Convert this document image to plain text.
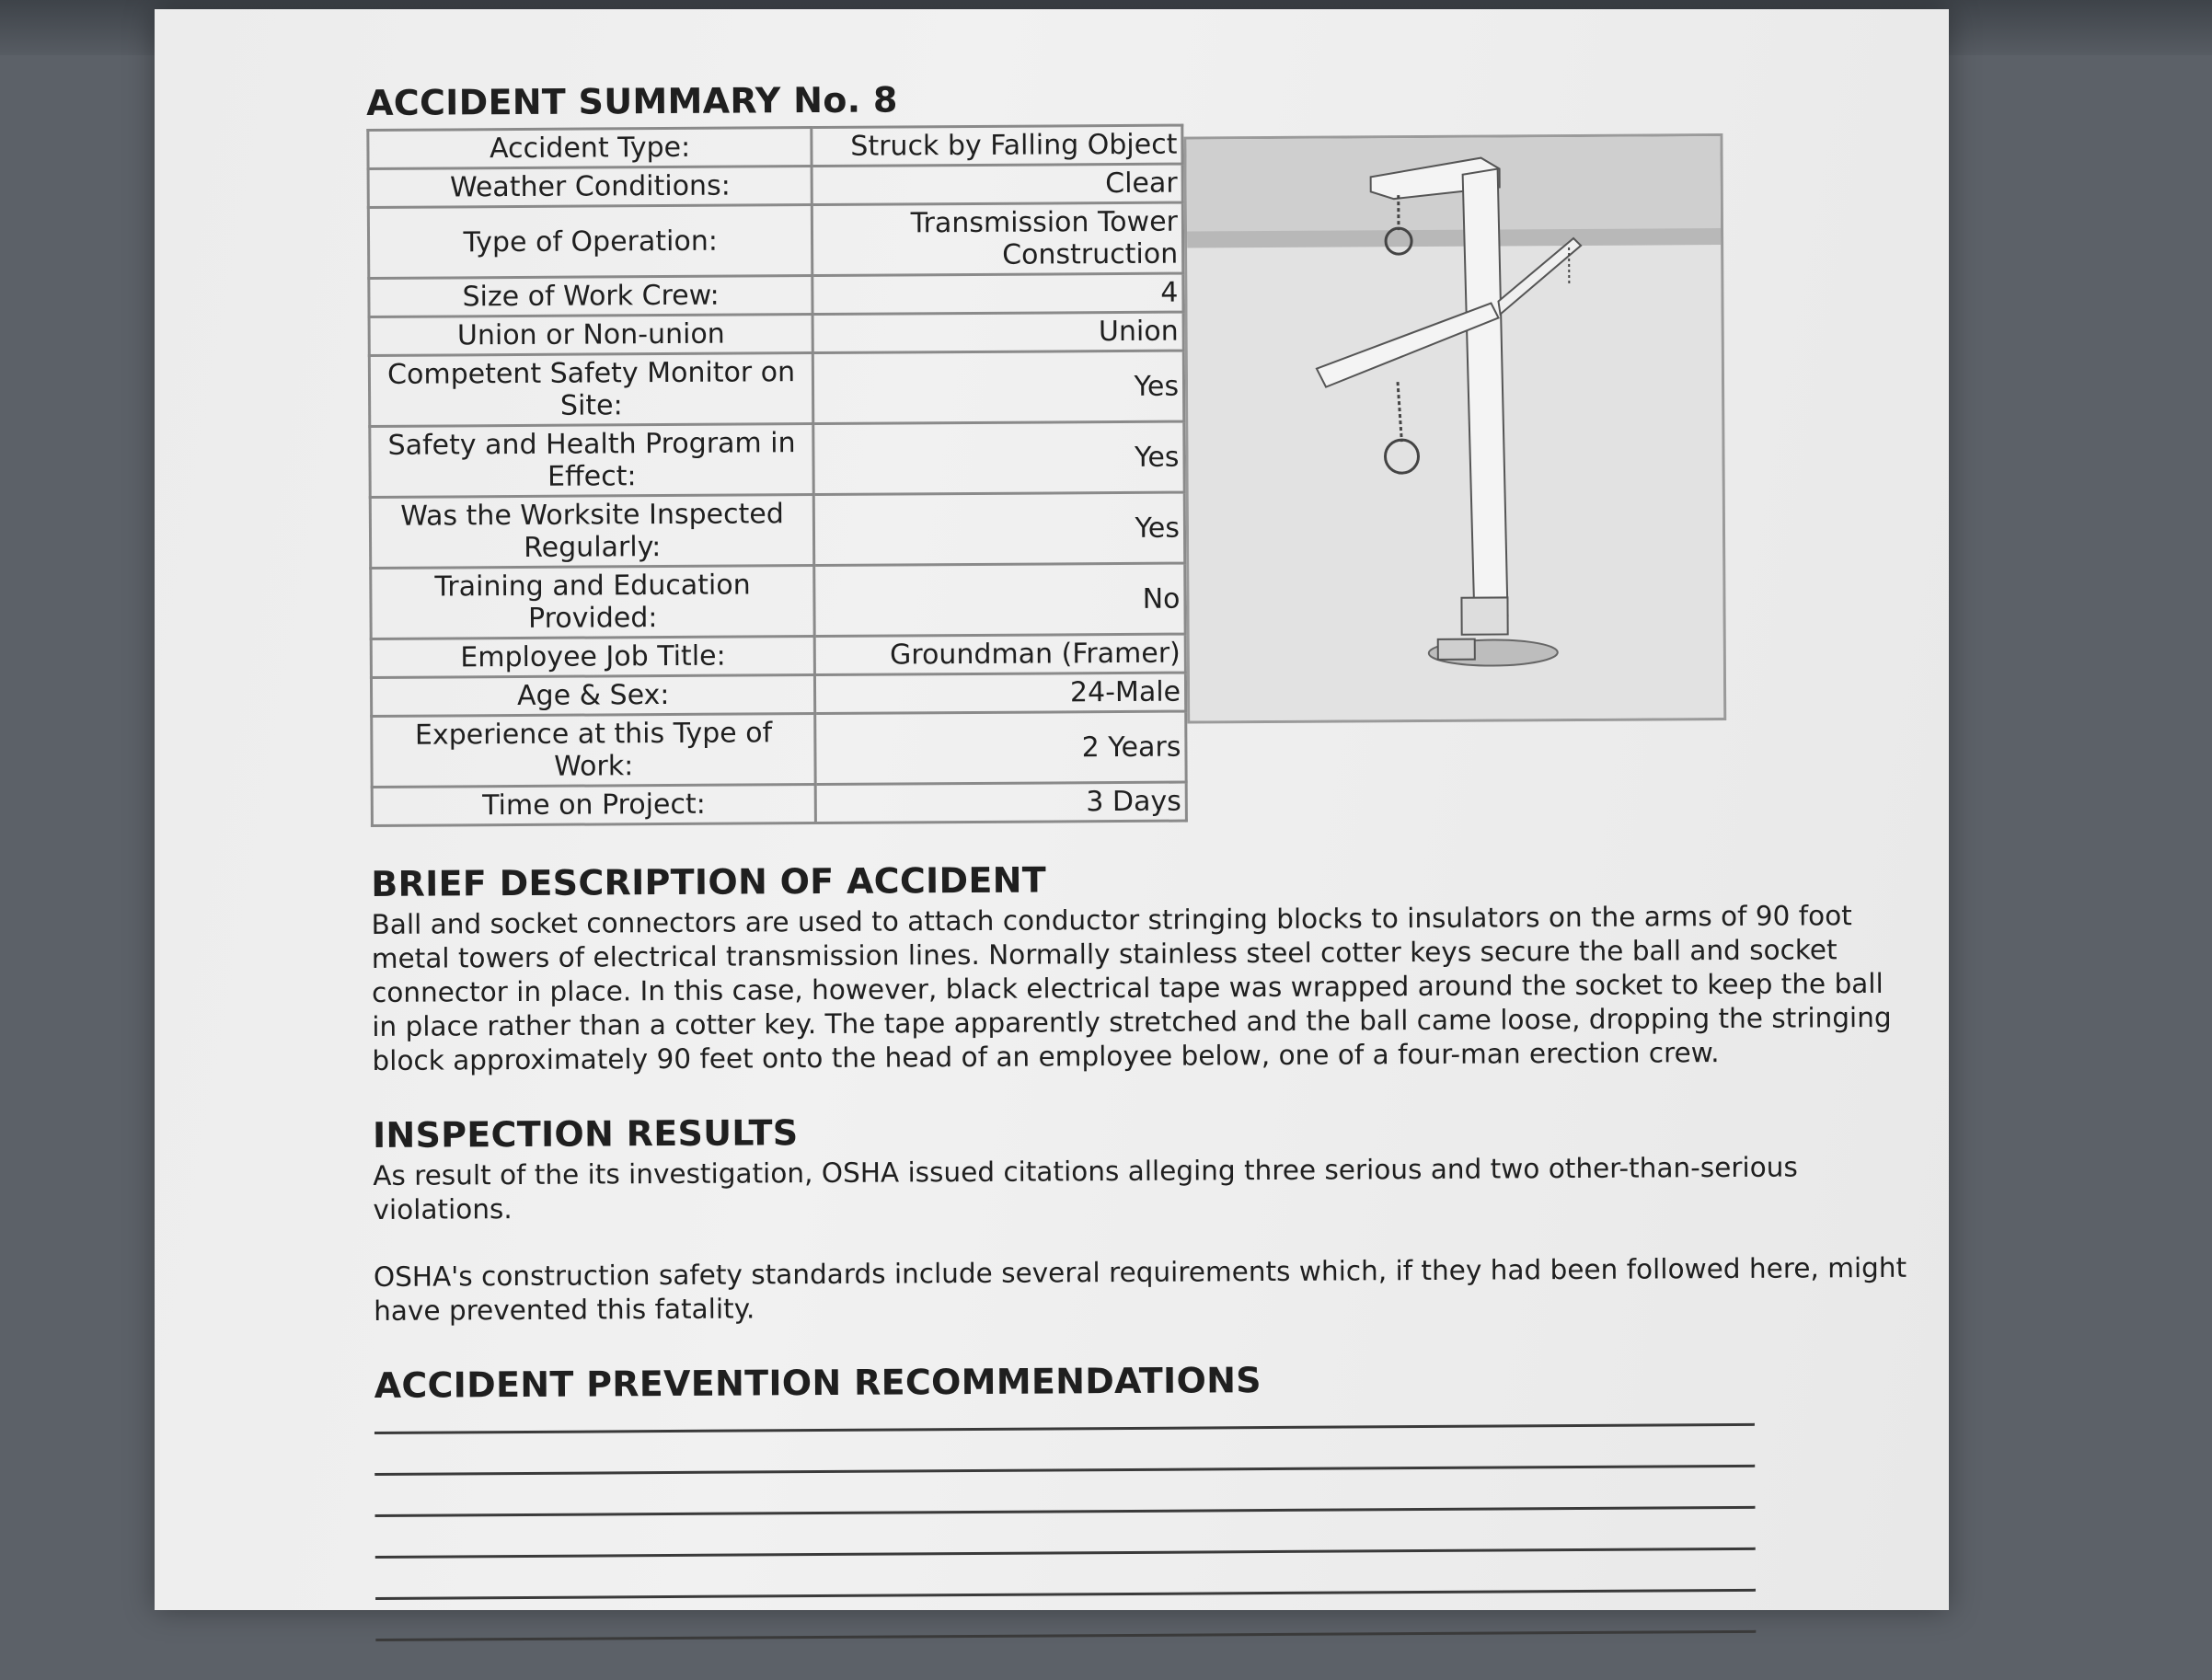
ACCIDENT SUMMARY No. 8
Accident Type:	Struck by Falling Object
Weather Conditions:	Clear
Type of Operation:	Transmission Tower Construction
Size of Work Crew:	4
Union or Non-union	Union
Competent Safety Monitor on Site:	Yes
Safety and Health Program in Effect:	Yes
Was the Worksite Inspected Regularly:	Yes
Training and Education Provided:	No
Employee Job Title:	Groundman (Framer)
Age & Sex:	24-Male
Experience at this Type of Work:	2 Years
Time on Project:	3 Days
BRIEF DESCRIPTION OF ACCIDENT

Ball and socket connectors are used to attach conductor stringing blocks to insulators on the arms of 90 foot metal towers of electrical transmission lines. Normally stainless steel cotter keys secure the ball and socket connector in place. In this case, however, black electrical tape was wrapped around the socket to keep the ball in place rather than a cotter key. The tape apparently stretched and the ball came loose, dropping the stringing block approximately 90 feet onto the head of an employee below, one of a four-man erection crew.

INSPECTION RESULTS

As result of the its investigation, OSHA issued citations alleging three serious and two other-than-serious violations.

OSHA's construction safety standards include several requirements which, if they had been followed here, might have prevented this fatality.

ACCIDENT PREVENTION RECOMMENDATIONS
